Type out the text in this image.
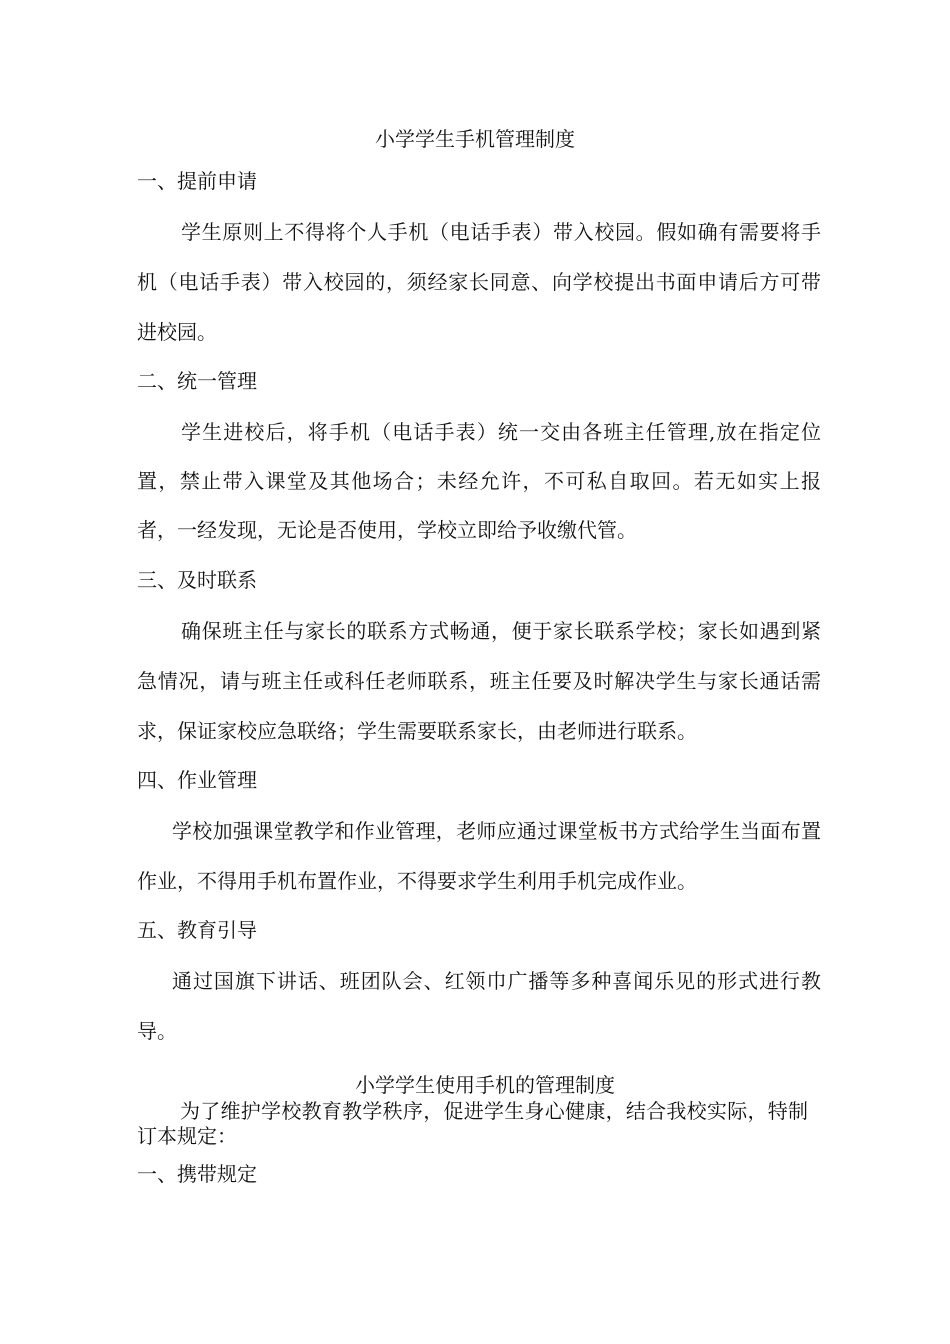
小学学生手机管理制度

一、提前申请

学生原则上不得将个人手机（电话手表）带入校园。假如确有需要将手

机（电话手表）带入校园的，须经家长同意、向学校提出书面申请后方可带

进校园。

二、统一管理

学生进校后，将手机（电话手表）统一交由各班主任管理,放在指定位

置，禁止带入课堂及其他场合；未经允许，不可私自取回。若无如实上报

者，一经发现，无论是否使用，学校立即给予收缴代管。

三、及时联系

确保班主任与家长的联系方式畅通，便于家长联系学校；家长如遇到紧

急情况，请与班主任或科任老师联系，班主任要及时解决学生与家长通话需

求，保证家校应急联络；学生需要联系家长，由老师进行联系。

四、作业管理

学校加强课堂教学和作业管理，老师应通过课堂板书方式给学生当面布置

作业，不得用手机布置作业，不得要求学生利用手机完成作业。

五、教育引导

通过国旗下讲话、班团队会、红领巾广播等多种喜闻乐见的形式进行教

导。

小学学生使用手机的管理制度

为了维护学校教育教学秩序，促进学生身心健康，结合我校实际，特制

订本规定：

一、携带规定
